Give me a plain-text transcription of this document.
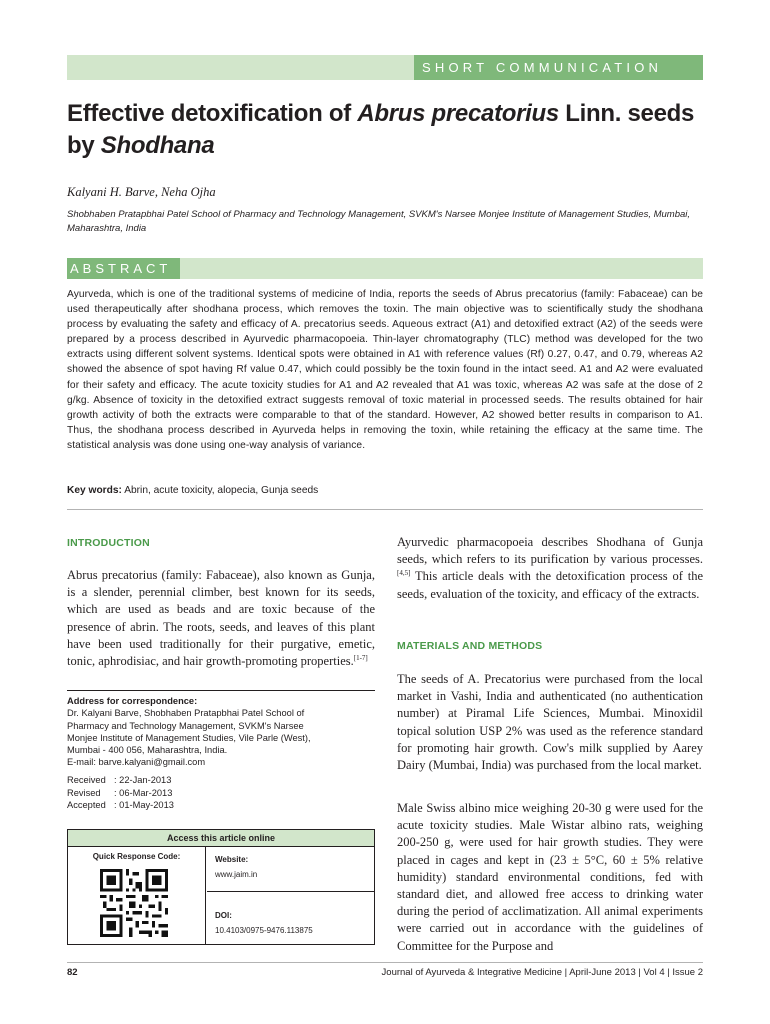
SHORT COMMUNICATION
Effective detoxification of Abrus precatorius Linn. seeds by Shodhana
Kalyani H. Barve, Neha Ojha
Shobhaben Pratapbhai Patel School of Pharmacy and Technology Management, SVKM's Narsee Monjee Institute of Management Studies, Mumbai, Maharashtra, India
ABSTRACT

Ayurveda, which is one of the traditional systems of medicine of India, reports the seeds of Abrus precatorius (family: Fabaceae) can be used therapeutically after shodhana process, which removes the toxin. The main objective was to scientifically study the shodhana process by evaluating the safety and efficacy of A. precatorius seeds. Aqueous extract (A1) and detoxified extract (A2) of the seeds were prepared by a process described in Ayurvedic pharmacopoeia. Thin-layer chromatography (TLC) method was developed for the two extracts using different solvent systems. Identical spots were obtained in A1 with reference values (Rf) 0.27, 0.47, and 0.79, whereas A2 showed the absence of spot having Rf value 0.47, which could possibly be the toxin found in the intact seed. A1 and A2 were evaluated for their safety and efficacy. The acute toxicity studies for A1 and A2 revealed that A1 was toxic, whereas A2 was safe at the dose of 2 g/kg. Absence of toxicity in the detoxified extract suggests removal of toxic material in processed seeds. The results obtained for hair growth activity of both the extracts were comparable to that of the standard. However, A2 showed better results in comparison to A1. Thus, the shodhana process described in Ayurveda helps in removing the toxin, while retaining the efficacy at the same time. The statistical analysis was done using one-way analysis of variance.

Key words: Abrin, acute toxicity, alopecia, Gunja seeds
INTRODUCTION
Abrus precatorius (family: Fabaceae), also known as Gunja, is a slender, perennial climber, best known for its seeds, which are used as beads and are toxic because of the presence of abrin. The roots, seeds, and leaves of this plant have been used traditionally for their purgative, emetic, tonic, aphrodisiac, and hair growth-promoting properties.[1-7]
Address for correspondence:
Dr. Kalyani Barve, Shobhaben Pratapbhai Patel School of
Pharmacy and Technology Management, SVKM's Narsee
Monjee Institute of Management Studies, Vile Parle (West),
Mumbai - 400 056, Maharashtra, India.
E-mail: barve.kalyani@gmail.com
Received : 22-Jan-2013
Revised	: 06-Mar-2013
Accepted : 01-May-2013
Access this article online
Quick Response Code:	Website:
www.jaim.in
DOI:
10.4103/0975-9476.113875
Ayurvedic pharmacopoeia describes Shodhana of Gunja seeds, which refers to its purification by various processes.[4,5] This article deals with the detoxification process of the seeds, evaluation of the toxicity, and efficacy of the extracts.
MATERIALS AND METHODS
The seeds of A. Precatorius were purchased from the local market in Vashi, India and authenticated (no authentication number) at Piramal Life Sciences, Mumbai. Minoxidil topical solution USP 2% was used as the reference standard for promoting hair growth. Cow's milk supplied by Aarey Dairy (Mumbai, India) was purchased from the local market.
Male Swiss albino mice weighing 20-30 g were used for the acute toxicity studies. Male Wistar albino rats, weighing 200-250 g, were used for hair growth studies. They were placed in cages and kept in (23 ± 5°C, 60 ± 5% relative humidity) standard environmental conditions, fed with standard diet, and allowed free access to drinking water during the period of acclimatization. All animal experiments were carried out in accordance with the guidelines of Committee for the Purpose and
82	Journal of Ayurveda & Integrative Medicine | April-June 2013 | Vol 4 | Issue 2
